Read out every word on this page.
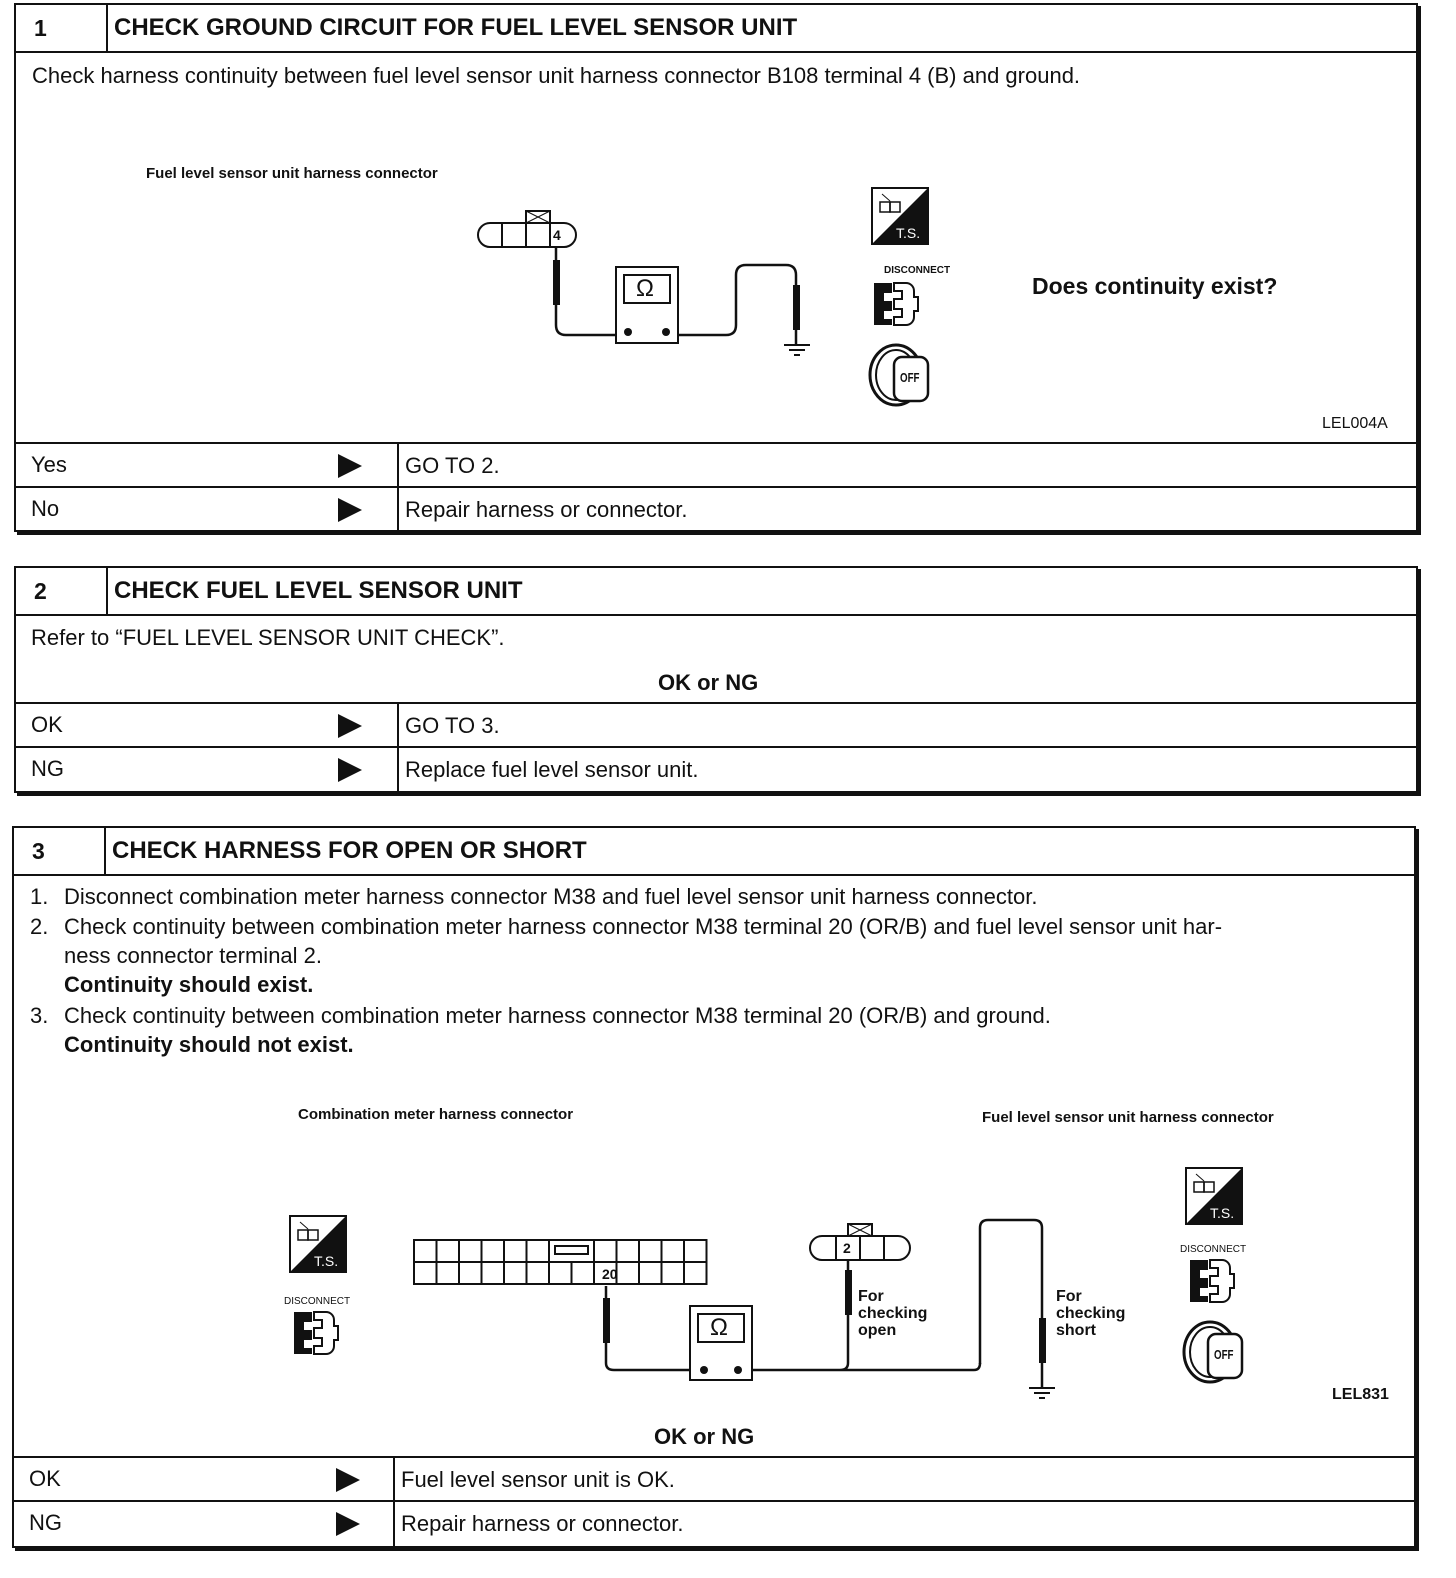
1	CHECK GROUND CIRCUIT FOR FUEL LEVEL SENSOR UNIT
Check harness continuity between fuel level sensor unit harness connector B108 terminal 4 (B) and ground.
Fuel level sensor unit harness connector
T.S.
OFF
4
Ω
DISCONNECT
Does continuity exist?
LEL004A
Yes	GO TO 2.
No	Repair harness or connector.
2	CHECK FUEL LEVEL SENSOR UNIT
Refer to “FUEL LEVEL SENSOR UNIT CHECK”.
OK or NG
OK	GO TO 3.
NG	Replace fuel level sensor unit.
3	CHECK HARNESS FOR OPEN OR SHORT
1. Disconnect combination meter harness connector M38 and fuel level sensor unit harness connector.
2. Check continuity between combination meter harness connector M38 terminal 20 (OR/B) and fuel level sensor unit har-
ness connector terminal 2.
Continuity should exist.
3. Check continuity between combination meter harness connector M38 terminal 20 (OR/B) and ground.
Continuity should not exist.
Combination meter harness connector	Fuel level sensor unit harness connector
T.S.
T.S.
OFF
20
2
Ω
For checking open
For checking short
DISCONNECT
DISCONNECT
LEL831
OK or NG
OK	Fuel level sensor unit is OK.
NG	Repair harness or connector.
